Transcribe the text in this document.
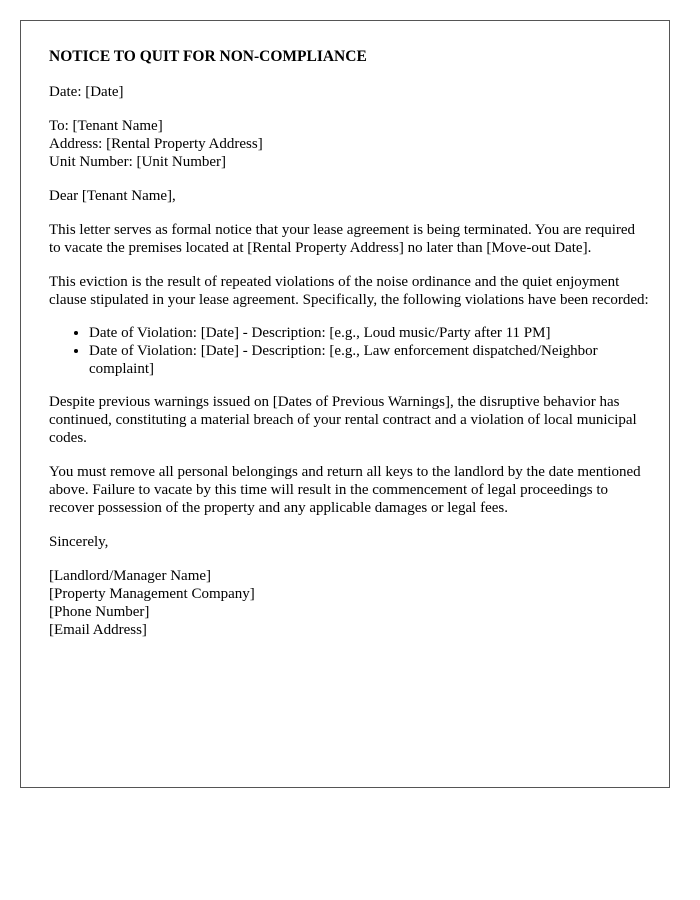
NOTICE TO QUIT FOR NON-COMPLIANCE

Date: [Date]

To: [Tenant Name]
Address: [Rental Property Address]
Unit Number: [Unit Number]

Dear [Tenant Name],

This letter serves as formal notice that your lease agreement is being terminated. You are required to vacate the premises located at [Rental Property Address] no later than [Move-out Date].

This eviction is the result of repeated violations of the noise ordinance and the quiet enjoyment clause stipulated in your lease agreement. Specifically, the following violations have been recorded:

• Date of Violation: [Date] - Description: [e.g., Loud music/Party after 11 PM]
• Date of Violation: [Date] - Description: [e.g., Law enforcement dispatched/Neighbor complaint]

Despite previous warnings issued on [Dates of Previous Warnings], the disruptive behavior has continued, constituting a material breach of your rental contract and a violation of local municipal codes.

You must remove all personal belongings and return all keys to the landlord by the date mentioned above. Failure to vacate by this time will result in the commencement of legal proceedings to recover possession of the property and any applicable damages or legal fees.

Sincerely,

[Landlord/Manager Name]
[Property Management Company]
[Phone Number]
[Email Address]
